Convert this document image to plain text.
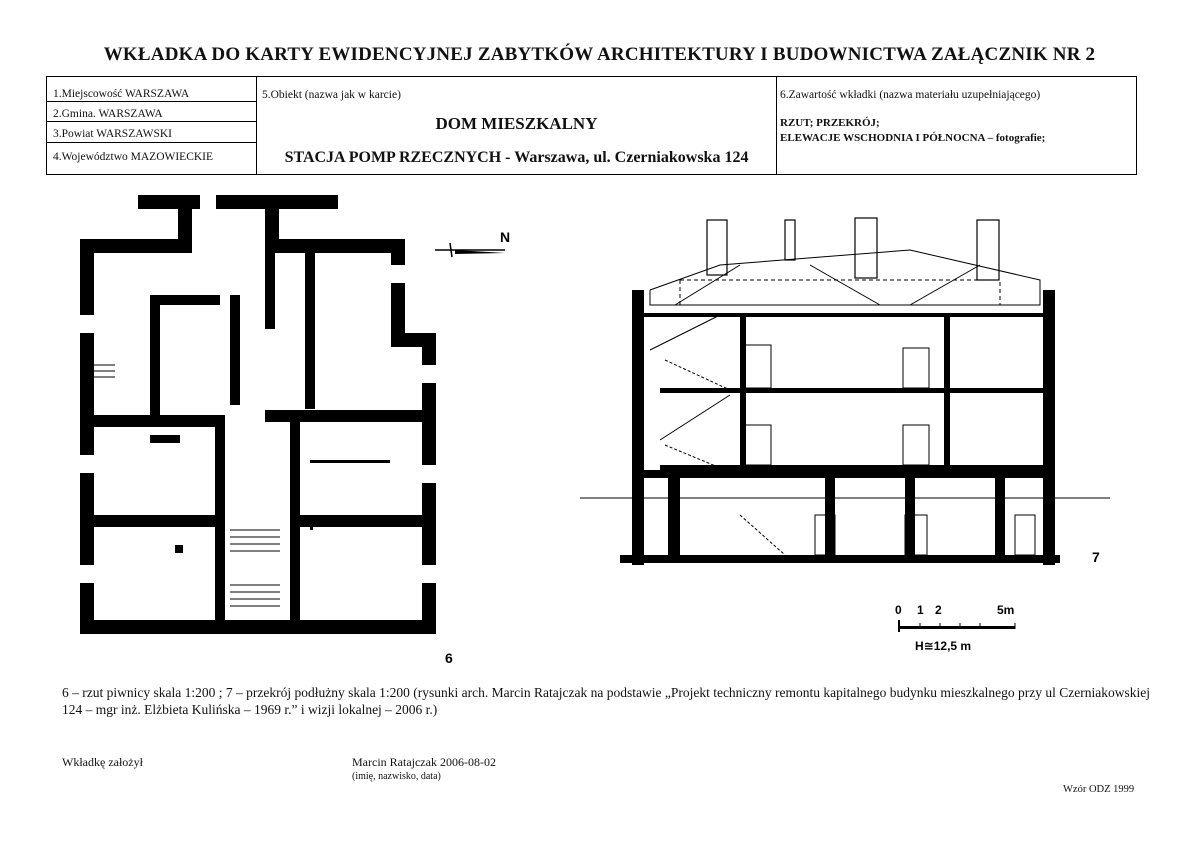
WKŁADKA DO KARTY EWIDENCYJNEJ ZABYTKÓW ARCHITEKTURY I BUDOWNICTWA ZAŁĄCZNIK NR 2
1.Miejscowość WARSZAWA
2.Gmina. WARSZAWA
3.Powiat WARSZAWSKI
4.Województwo MAZOWIECKIE
5.Obiekt (nazwa jak w karcie)
DOM MIESZKALNY
STACJA POMP RZECZNYCH - Warszawa, ul. Czerniakowska 124
6.Zawartość wkładki (nazwa materiału uzupełniającego)
RZUT; PRZEKRÓJ;
ELEWACJE WSCHODNIA I PÓŁNOCNA – fotografie;
6
N
7
0 1 2	5m
H≅12,5 m
6 – rzut piwnicy skala 1:200 ; 7 – przekrój podłużny skala 1:200 (rysunki arch. Marcin Ratajczak na podstawie „Projekt techniczny remontu kapitalnego budynku mieszkalnego przy ul Czerniakowskiej 124 – mgr inż. Elżbieta Kulińska – 1969 r.” i wizji lokalnej – 2006 r.)
Wkładkę założył	Marcin Ratajczak 2006-08-02
(imię, nazwisko, data)
Wzór ODZ 1999
